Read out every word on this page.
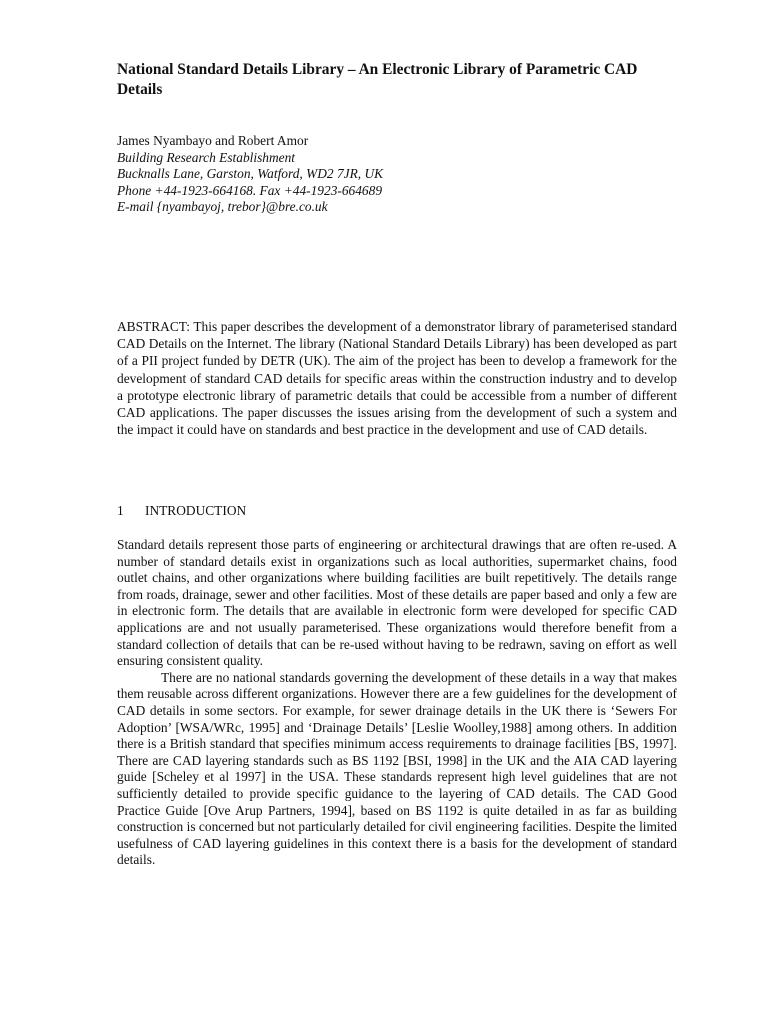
National Standard Details Library – An Electronic Library of Parametric CAD Details
James Nyambayo and Robert Amor
Building Research Establishment
Bucknalls Lane, Garston, Watford, WD2 7JR, UK
Phone +44-1923-664168. Fax +44-1923-664689
E-mail {nyambayoj, trebor}@bre.co.uk

ABSTRACT: This paper describes the development of a demonstrator library of parameterised standard CAD Details on the Internet. The library (National Standard Details Library) has been developed as part of a PII project funded by DETR (UK). The aim of the project has been to develop a framework for the development of standard CAD details for specific areas within the construction industry and to develop a prototype electronic library of parametric details that could be accessible from a number of different CAD applications. The paper discusses the issues arising from the development of such a system and the impact it could have on standards and best practice in the development and use of CAD details.

1 INTRODUCTION

Standard details represent those parts of engineering or architectural drawings that are often re-used. A number of standard details exist in organizations such as local authorities, supermarket chains, food outlet chains, and other organizations where building facilities are built repetitively. The details range from roads, drainage, sewer and other facilities. Most of these details are paper based and only a few are in electronic form. The details that are available in electronic form were developed for specific CAD applications are and not usually parameterised. These organizations would therefore benefit from a standard collection of details that can be re-used without having to be redrawn, saving on effort as well ensuring consistent quality.

There are no national standards governing the development of these details in a way that makes them reusable across different organizations. However there are a few guidelines for the development of CAD details in some sectors. For example, for sewer drainage details in the UK there is ‘Sewers For Adoption’ [WSA/WRc, 1995] and ‘Drainage Details’ [Leslie Woolley,1988] among others. In addition there is a British standard that specifies minimum access requirements to drainage facilities [BS, 1997]. There are CAD layering standards such as BS 1192 [BSI, 1998] in the UK and the AIA CAD layering guide [Scheley et al 1997] in the USA. These standards represent high level guidelines that are not sufficiently detailed to provide specific guidance to the layering of CAD details. The CAD Good Practice Guide [Ove Arup Partners, 1994], based on BS 1192 is quite detailed in as far as building construction is concerned but not particularly detailed for civil engineering facilities. Despite the limited usefulness of CAD layering guidelines in this context there is a basis for the development of standard details.
